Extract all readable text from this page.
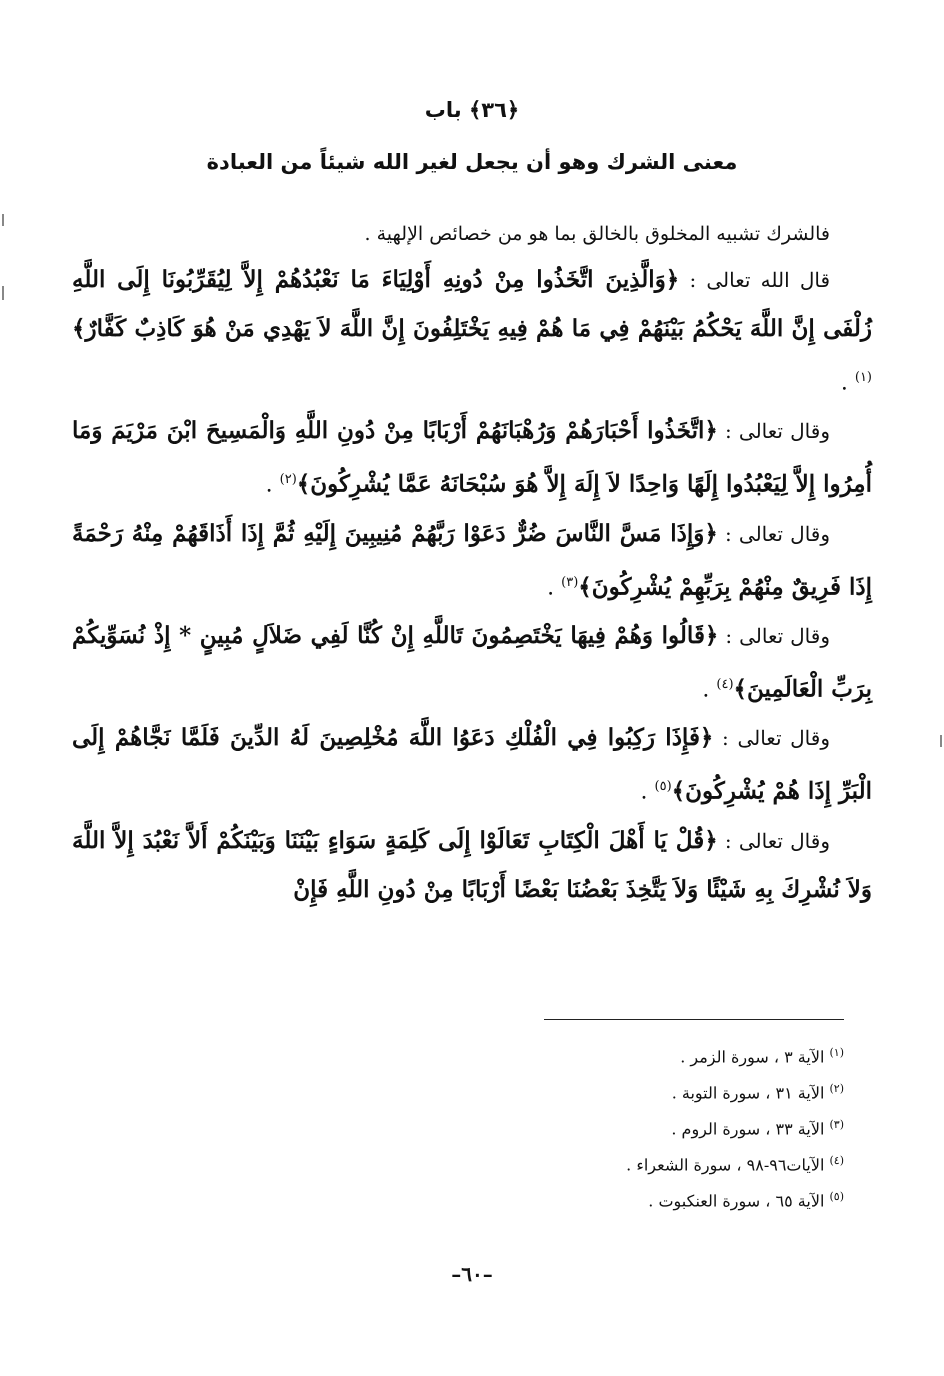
﴿٣٦﴾ باب
معنى الشرك وهو أن يجعل لغير الله شيئاً من العبادة

فالشرك تشبيه المخلوق بالخالق بما هو من خصائص الإلهية .

قال الله تعالى : ﴿وَالَّذِينَ اتَّخَذُوا مِنْ دُونِهِ أَوْلِيَاءَ مَا نَعْبُدُهُمْ إِلاَّ لِيُقَرِّبُونَا إِلَى اللَّهِ زُلْفَى إِنَّ اللَّهَ يَحْكُمُ بَيْنَهُمْ فِي مَا هُمْ فِيهِ يَخْتَلِفُونَ إِنَّ اللَّهَ لاَ يَهْدِي مَنْ هُوَ كَاذِبٌ كَفَّارٌ﴾$^{(١)}$ .

وقال تعالى : ﴿اتَّخَذُوا أَحْبَارَهُمْ وَرُهْبَانَهُمْ أَرْبَابًا مِنْ دُونِ اللَّهِ وَالْمَسِيحَ ابْنَ مَرْيَمَ وَمَا أُمِرُوا إِلاَّ لِيَعْبُدُوا إِلَهًا وَاحِدًا لاَ إِلَهَ إِلاَّ هُوَ سُبْحَانَهُ عَمَّا يُشْرِكُونَ﴾$^{(٢)}$ .

وقال تعالى : ﴿وَإِذَا مَسَّ النَّاسَ ضُرٌّ دَعَوْا رَبَّهُمْ مُنِيبِينَ إِلَيْهِ ثُمَّ إِذَا أَذَاقَهُمْ مِنْهُ رَحْمَةً إِذَا فَرِيقٌ مِنْهُمْ بِرَبِّهِمْ يُشْرِكُونَ﴾$^{(٣)}$ .

وقال تعالى : ﴿قَالُوا وَهُمْ فِيهَا يَخْتَصِمُونَ تَاللَّهِ إِنْ كُنَّا لَفِي ضَلاَلٍ مُبِينٍ * إِذْ نُسَوِّيكُمْ بِرَبِّ الْعَالَمِينَ﴾$^{(٤)}$ .

وقال تعالى : ﴿فَإِذَا رَكِبُوا فِي الْفُلْكِ دَعَوُا اللَّهَ مُخْلِصِينَ لَهُ الدِّينَ فَلَمَّا نَجَّاهُمْ إِلَى الْبَرِّ إِذَا هُمْ يُشْرِكُونَ﴾$^{(٥)}$ .

وقال تعالى : ﴿قُلْ يَا أَهْلَ الْكِتَابِ تَعَالَوْا إِلَى كَلِمَةٍ سَوَاءٍ بَيْنَنَا وَبَيْنَكُمْ أَلاَّ نَعْبُدَ إِلاَّ اللَّهَ وَلاَ نُشْرِكَ بِهِ شَيْئًا وَلاَ يَتَّخِذَ بَعْضُنَا بَعْضًا أَرْبَابًا مِنْ دُونِ اللَّهِ فَإِنْ

$^{(١)}$ الآية ٣ ، سورة الزمر .
$^{(٢)}$ الآية ٣١ ، سورة التوبة .
$^{(٣)}$ الآية ٣٣ ، سورة الروم .
$^{(٤)}$ الآيات٩٦-٩٨ ، سورة الشعراء .
$^{(٥)}$ الآية ٦٥ ، سورة العنكبوت .
–٦٠–
